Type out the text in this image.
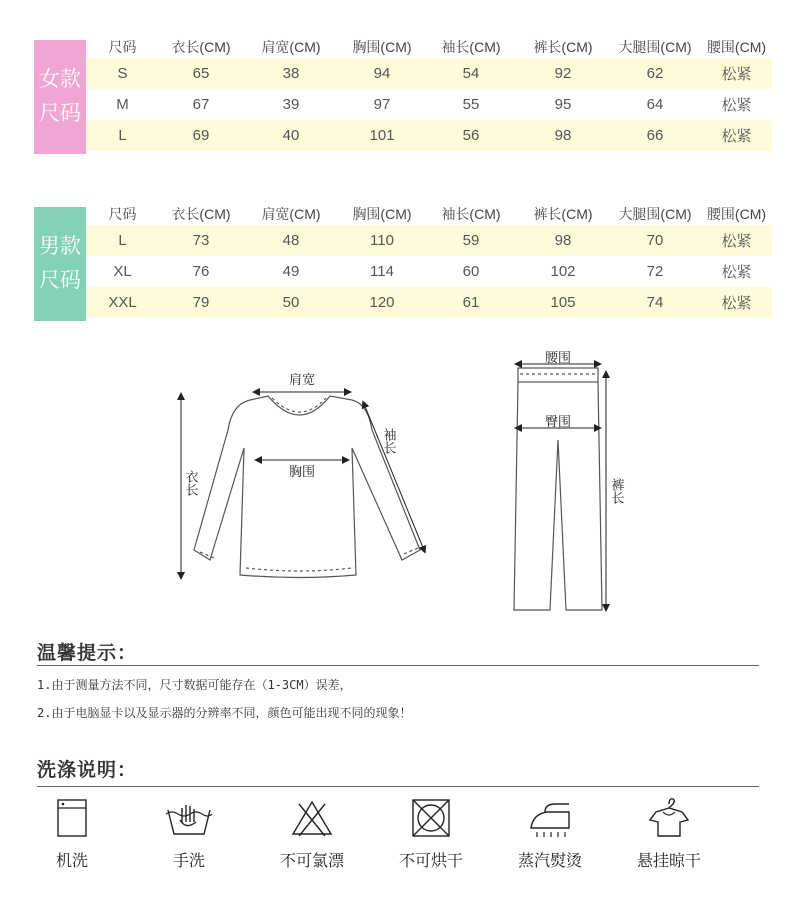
女款
尺码
尺码	衣长(CM)	肩宽(CM)	胸围(CM)	袖长(CM)	裤长(CM)	大腿围(CM)	腰围(CM)
S	65	38	94	54	92	62	松紧
M	67	39	97	55	95	64	松紧
L	69	40	101	56	98	66	松紧
男款
尺码
尺码	衣长(CM)	肩宽(CM)	胸围(CM)	袖长(CM)	裤长(CM)	大腿围(CM)	腰围(CM)
L	73	48	110	59	98	70	松紧
XL	76	49	114	60	102	72	松紧
XXL	79	50	120	61	105	74	松紧
肩宽
胸围
衣长
袖长
腰围
臀围
裤长
温馨提示：
1.由于测量方法不同，尺寸数据可能存在（1-3CM）误差，
2.由于电脑显卡以及显示器的分辨率不同，颜色可能出现不同的现象！
洗涤说明：
机洗	手洗	不可氯漂	不可烘干	蒸汽熨烫	悬挂晾干
